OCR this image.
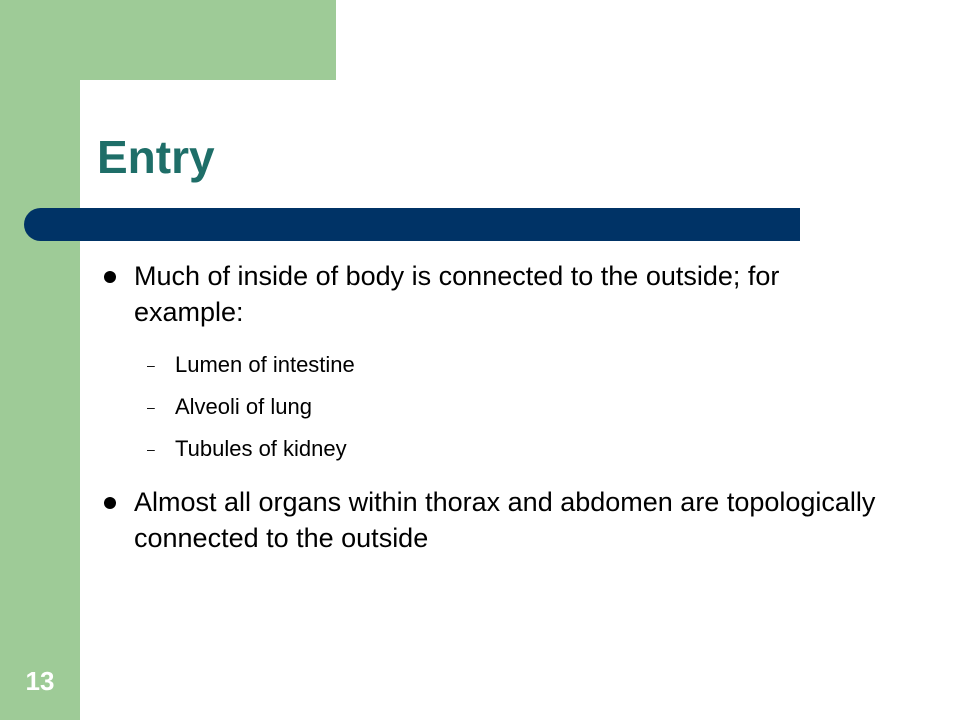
Entry
Much of inside of body is connected to the outside; for example:
– Lumen of intestine
– Alveoli of lung
– Tubules of kidney
Almost all organs within thorax and abdomen are topologically connected to the outside
13
